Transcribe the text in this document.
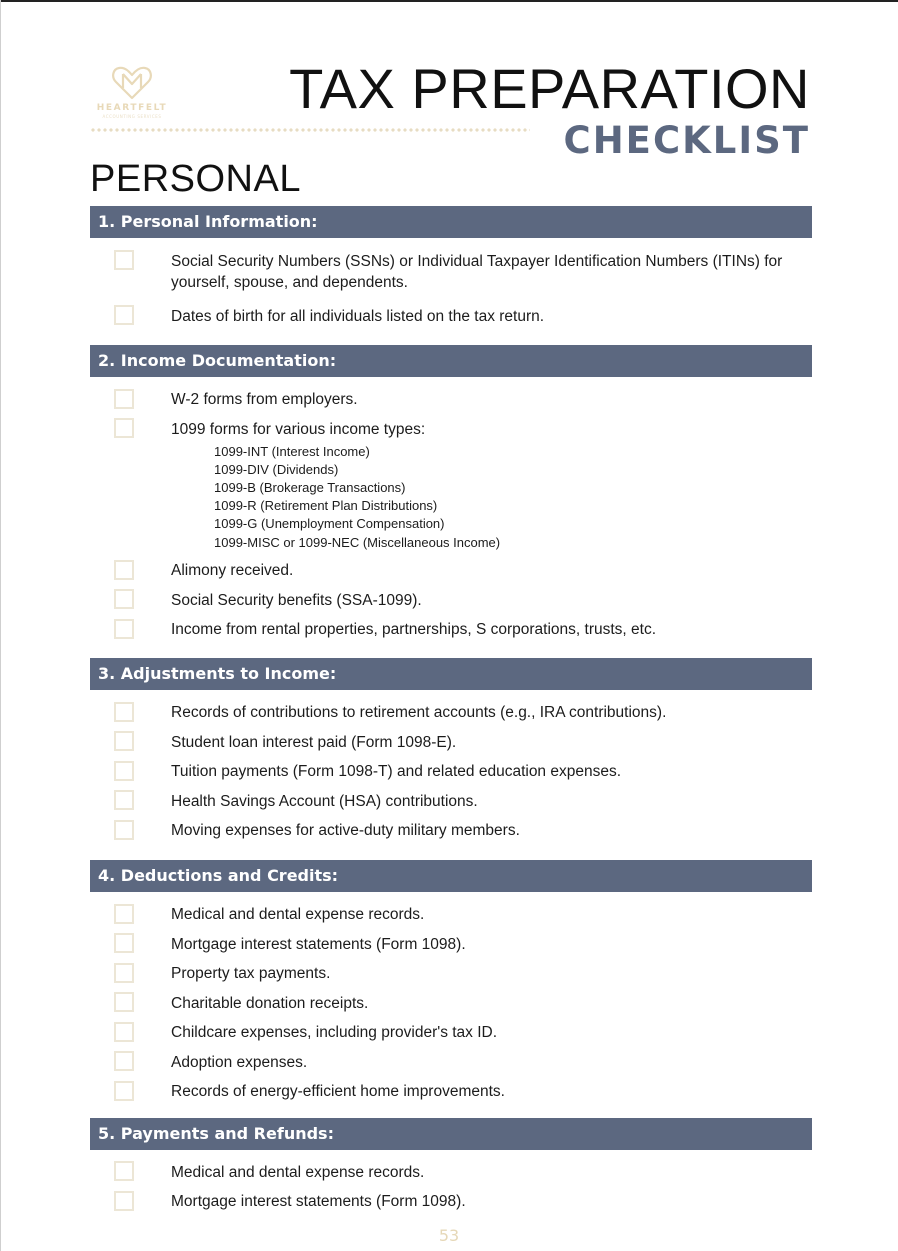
HEARTFELT
ACCOUNTING SERVICES TAX PREPARATION
CHECKLIST
PERSONAL
1. Personal Information:
Social Security Numbers (SSNs) or Individual Taxpayer Identification Numbers (ITINs) for yourself, spouse, and dependents.
Dates of birth for all individuals listed on the tax return.
2. Income Documentation:
W-2 forms from employers.
1099 forms for various income types:
1099-INT (Interest Income)
1099-DIV (Dividends)
1099-B (Brokerage Transactions)
1099-R (Retirement Plan Distributions)
1099-G (Unemployment Compensation)
1099-MISC or 1099-NEC (Miscellaneous Income)
Alimony received.
Social Security benefits (SSA-1099).
Income from rental properties, partnerships, S corporations, trusts, etc.
3. Adjustments to Income:
Records of contributions to retirement accounts (e.g., IRA contributions).
Student loan interest paid (Form 1098-E).
Tuition payments (Form 1098-T) and related education expenses.
Health Savings Account (HSA) contributions.
Moving expenses for active-duty military members.
4. Deductions and Credits:
Medical and dental expense records.
Mortgage interest statements (Form 1098).
Property tax payments.
Charitable donation receipts.
Childcare expenses, including provider's tax ID.
Adoption expenses.
Records of energy-efficient home improvements.
5. Payments and Refunds:
Medical and dental expense records.
Mortgage interest statements (Form 1098).
53
